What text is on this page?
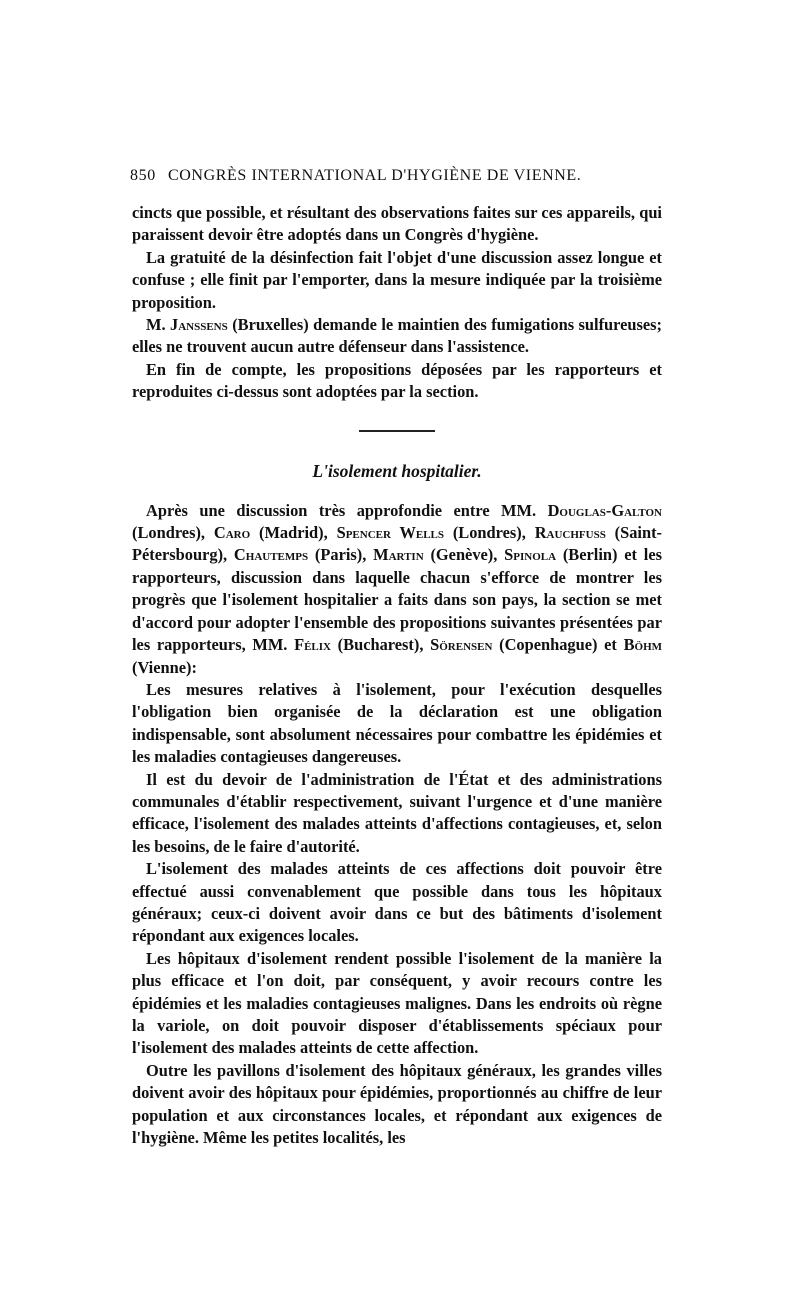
850 CONGRÈS INTERNATIONAL D'HYGIÈNE DE VIENNE.

cincts que possible, et résultant des observations faites sur ces appareils, qui paraissent devoir être adoptés dans un Congrès d'hygiène.

La gratuité de la désinfection fait l'objet d'une discussion assez longue et confuse ; elle finit par l'emporter, dans la mesure indiquée par la troisième proposition.

M. Janssens (Bruxelles) demande le maintien des fumigations sulfureuses; elles ne trouvent aucun autre défenseur dans l'assistence.

En fin de compte, les propositions déposées par les rapporteurs et reproduites ci-dessus sont adoptées par la section.

L'isolement hospitalier.

Après une discussion très approfondie entre MM. Douglas-Galton (Londres), Caro (Madrid), Spencer Wells (Londres), Rauchfuss (Saint-Pétersbourg), Chautemps (Paris), Martin (Genève), Spinola (Berlin) et les rapporteurs, discussion dans laquelle chacun s'efforce de montrer les progrès que l'isolement hospitalier a faits dans son pays, la section se met d'accord pour adopter l'ensemble des propositions suivantes présentées par les rapporteurs, MM. Félix (Bucharest), Sörensen (Copenhague) et Böhm (Vienne):

Les mesures relatives à l'isolement, pour l'exécution desquelles l'obligation bien organisée de la déclaration est une obligation indispensable, sont absolument nécessaires pour combattre les épidémies et les maladies contagieuses dangereuses.

Il est du devoir de l'administration de l'État et des administrations communales d'établir respectivement, suivant l'urgence et d'une manière efficace, l'isolement des malades atteints d'affections contagieuses, et, selon les besoins, de le faire d'autorité.

L'isolement des malades atteints de ces affections doit pouvoir être effectué aussi convenablement que possible dans tous les hôpitaux généraux; ceux-ci doivent avoir dans ce but des bâtiments d'isolement répondant aux exigences locales.

Les hôpitaux d'isolement rendent possible l'isolement de la manière la plus efficace et l'on doit, par conséquent, y avoir recours contre les épidémies et les maladies contagieuses malignes. Dans les endroits où règne la variole, on doit pouvoir disposer d'établissements spéciaux pour l'isolement des malades atteints de cette affection.

Outre les pavillons d'isolement des hôpitaux généraux, les grandes villes doivent avoir des hôpitaux pour épidémies, proportionnés au chiffre de leur population et aux circonstances locales, et répondant aux exigences de l'hygiène. Même les petites localités, les
